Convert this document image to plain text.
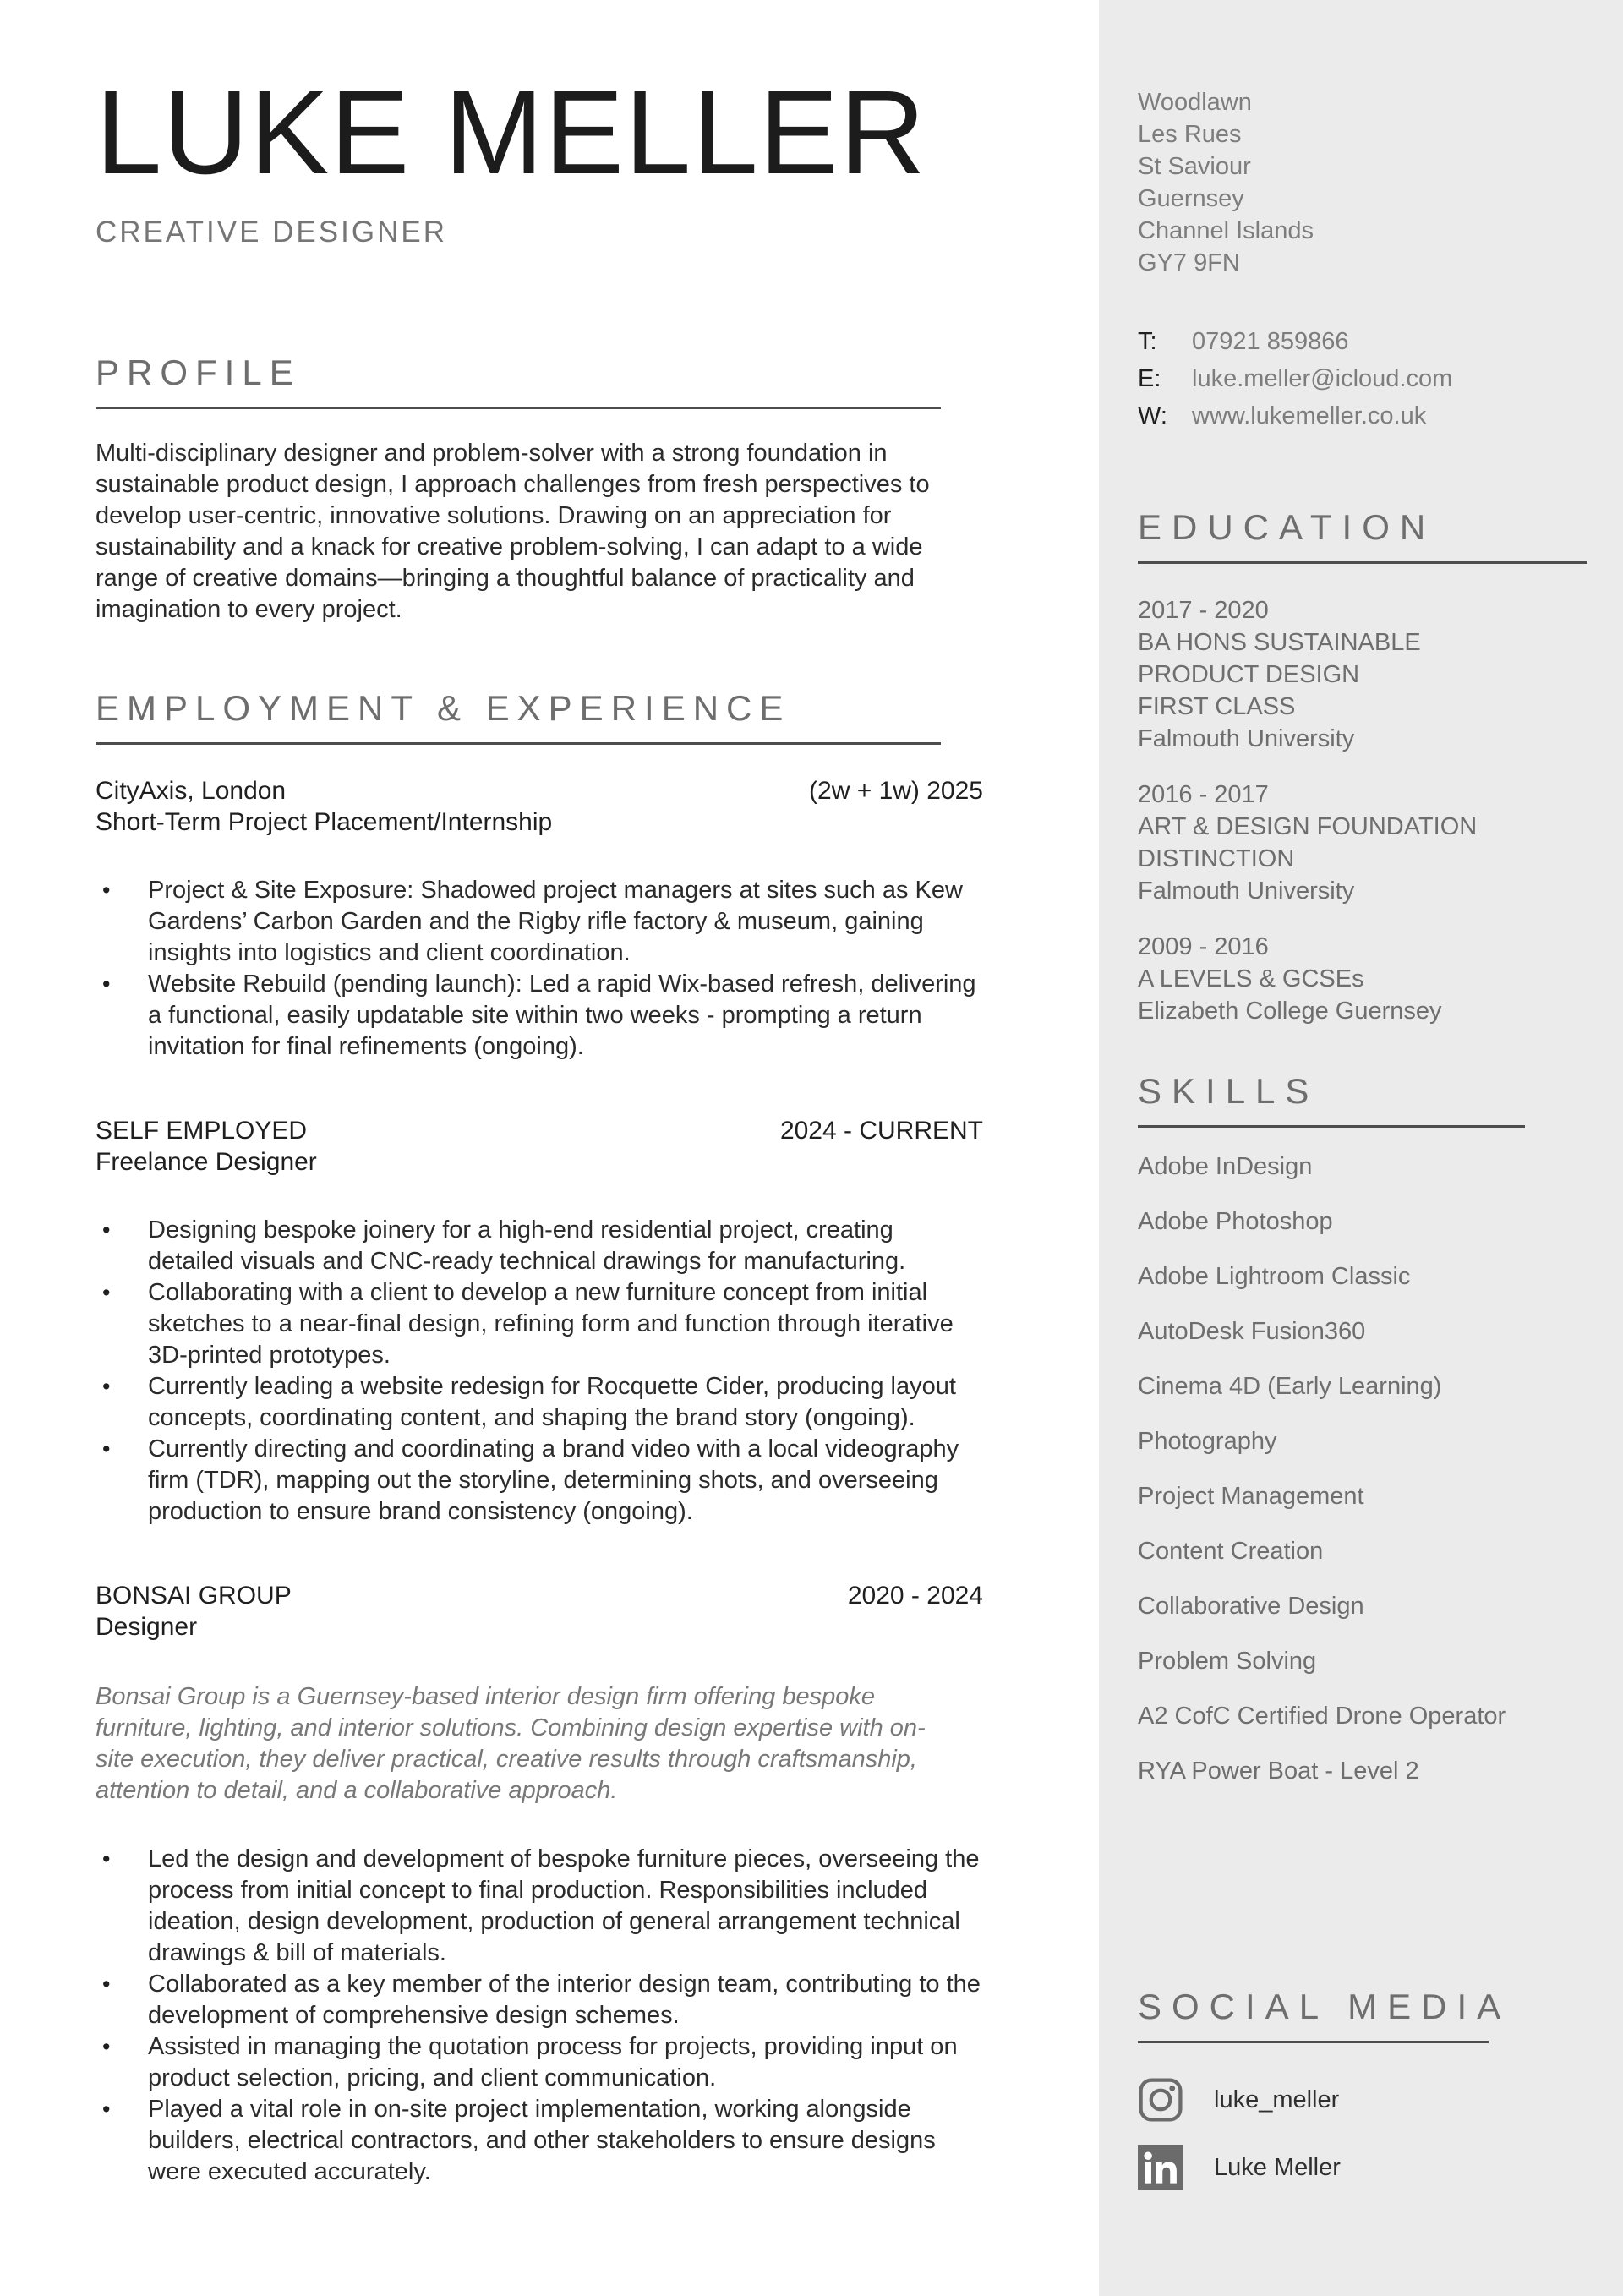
LUKE MELLER
CREATIVE DESIGNER
PROFILE
Multi-disciplinary designer and problem-solver with a strong foundation in sustainable product design, I approach challenges from fresh perspectives to develop user-centric, innovative solutions. Drawing on an appreciation for sustainability and a knack for creative problem-solving, I can adapt to a wide range of creative domains—bringing a thoughtful balance of practicality and imagination to every project.
EMPLOYMENT & EXPERIENCE
CityAxis, London	(2w + 1w) 2025
Short-Term Project Placement/Internship
• Project & Site Exposure: Shadowed project managers at sites such as Kew Gardens’ Carbon Garden and the Rigby rifle factory & museum, gaining insights into logistics and client coordination.
• Website Rebuild (pending launch): Led a rapid Wix-based refresh, delivering a functional, easily updatable site within two weeks - prompting a return invitation for final refinements (ongoing).
SELF EMPLOYED	2024 - CURRENT
Freelance Designer
• Designing bespoke joinery for a high-end residential project, creating detailed visuals and CNC-ready technical drawings for manufacturing.
• Collaborating with a client to develop a new furniture concept from initial sketches to a near-final design, refining form and function through iterative 3D-printed prototypes.
• Currently leading a website redesign for Rocquette Cider, producing layout concepts, coordinating content, and shaping the brand story (ongoing).
• Currently directing and coordinating a brand video with a local videography firm (TDR), mapping out the storyline, determining shots, and overseeing production to ensure brand consistency (ongoing).
BONSAI GROUP	2020 - 2024
Designer
Bonsai Group is a Guernsey-based interior design firm offering bespoke furniture, lighting, and interior solutions. Combining design expertise with on-site execution, they deliver practical, creative results through craftsmanship, attention to detail, and a collaborative approach.
• Led the design and development of bespoke furniture pieces, overseeing the process from initial concept to final production. Responsibilities included ideation, design development, production of general arrangement technical drawings & bill of materials.
• Collaborated as a key member of the interior design team, contributing to the development of comprehensive design schemes.
• Assisted in managing the quotation process for projects, providing input on product selection, pricing, and client communication.
• Played a vital role in on-site project implementation, working alongside builders, electrical contractors, and other stakeholders to ensure designs were executed accurately.
Woodlawn
Les Rues
St Saviour
Guernsey
Channel Islands
GY7 9FN
T:	07921 859866
E:	luke.meller@icloud.com
W:	www.lukemeller.co.uk
EDUCATION
2017 - 2020
BA HONS SUSTAINABLE
PRODUCT DESIGN
FIRST CLASS
Falmouth University
2016 - 2017
ART & DESIGN FOUNDATION
DISTINCTION
Falmouth University
2009 - 2016
A LEVELS & GCSEs
Elizabeth College Guernsey
SKILLS
Adobe InDesign
Adobe Photoshop
Adobe Lightroom Classic
AutoDesk Fusion360
Cinema 4D (Early Learning)
Photography
Project Management
Content Creation
Collaborative Design
Problem Solving
A2 CofC Certified Drone Operator
RYA Power Boat - Level 2
SOCIAL MEDIA
luke_meller
Luke Meller
